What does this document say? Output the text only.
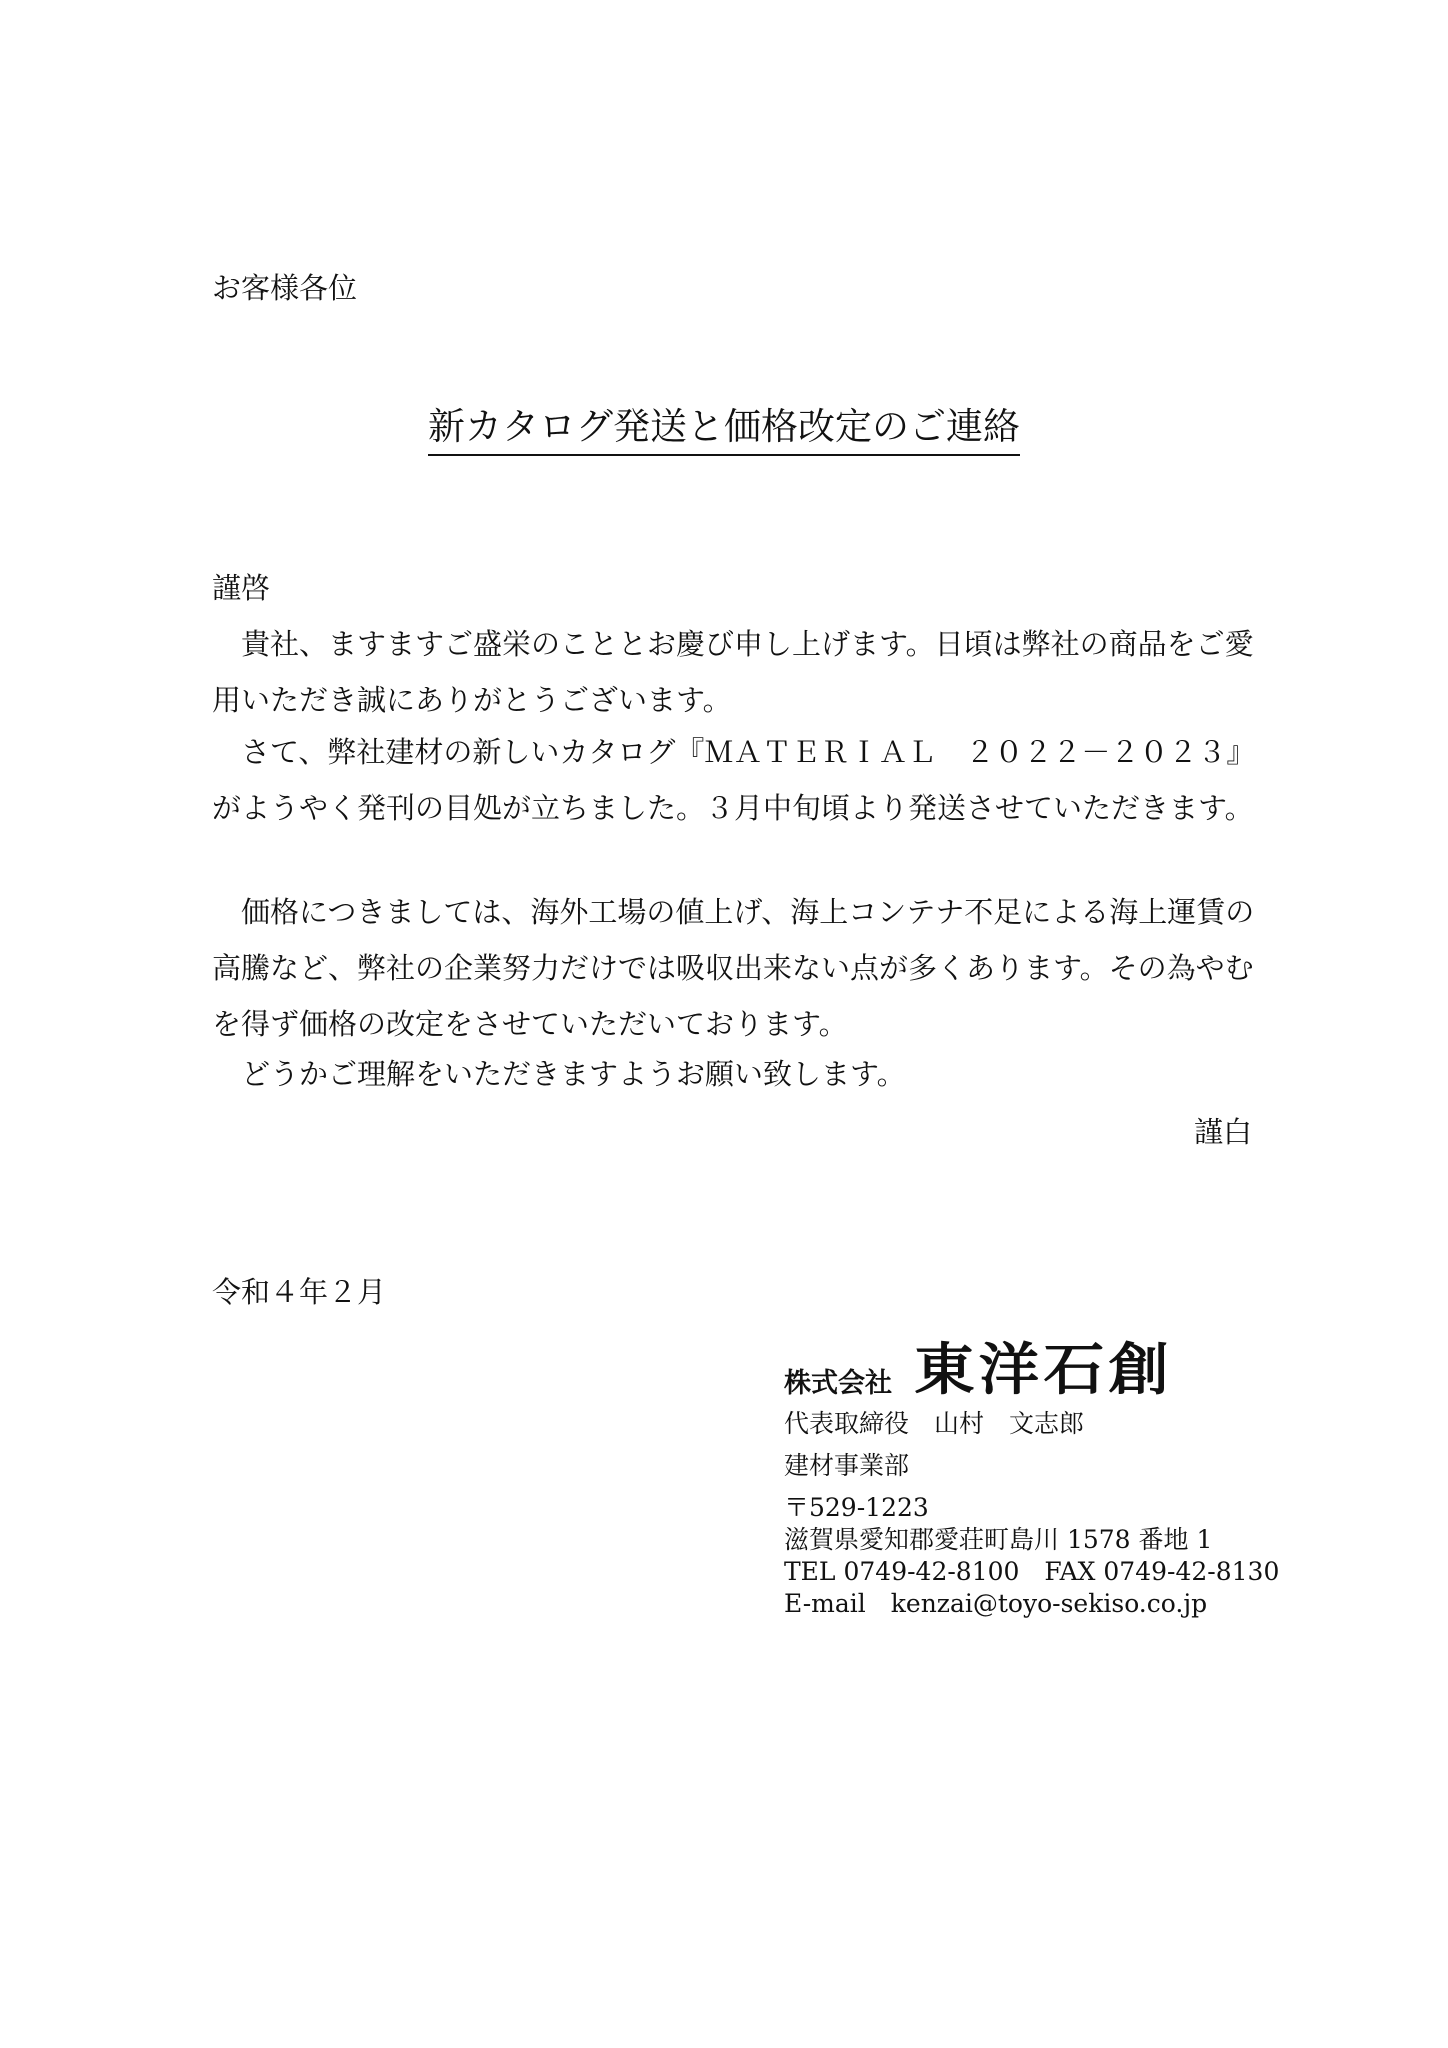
お客様各位
新カタログ発送と価格改定のご連絡
謹啓
貴社、ますますご盛栄のこととお慶び申し上げます。日頃は弊社の商品をご愛
用いただき誠にありがとうございます。
さて、弊社建材の新しいカタログ『ＭＡＴＥＲＩＡＬ　２０２２－２０２３』
がようやく発刊の目処が立ちました。３月中旬頃より発送させていただきます。
価格につきましては、海外工場の値上げ、海上コンテナ不足による海上運賃の
高騰など、弊社の企業努力だけでは吸収出来ない点が多くあります。その為やむ
を得ず価格の改定をさせていただいております。
どうかご理解をいただきますようお願い致します。
謹白
令和４年２月
株式会社 東洋石創
代表取締役　山村　文志郎
建材事業部
〒529-1223
滋賀県愛知郡愛荘町島川 1578 番地 1
TEL 0749-42-8100　FAX 0749-42-8130
E-mail　kenzai@toyo-sekiso.co.jp
